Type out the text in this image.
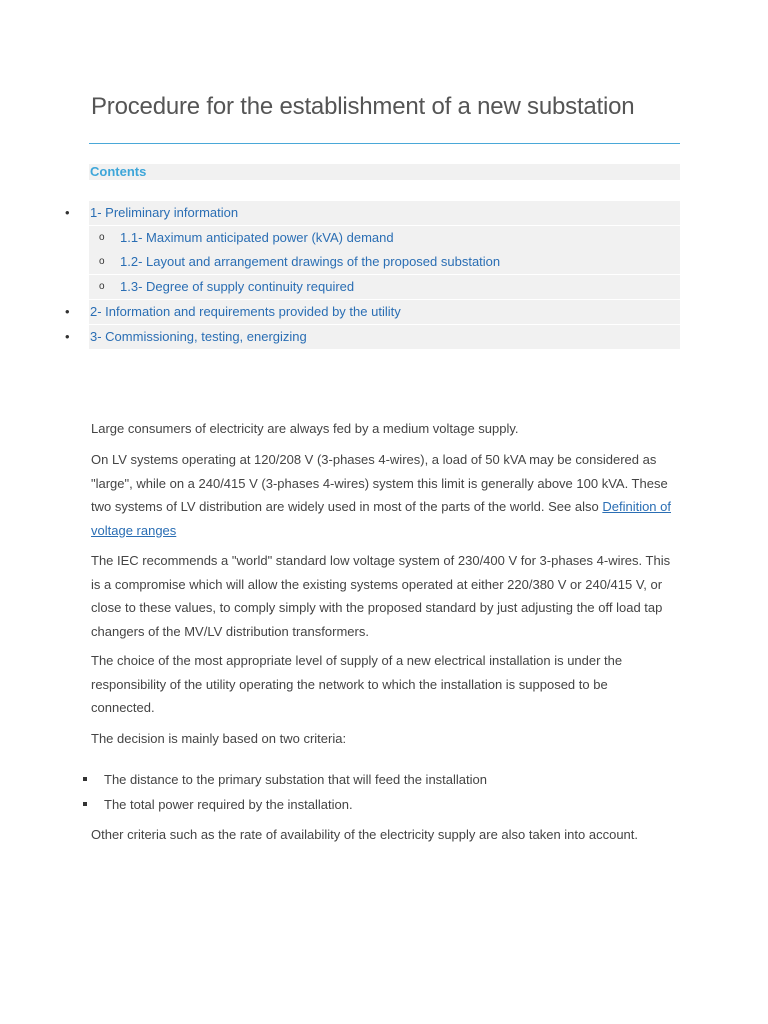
Procedure for the establishment of a new substation
Contents
• 1- Preliminary information
o 1.1- Maximum anticipated power (kVA) demand
o 1.2- Layout and arrangement drawings of the proposed substation
o 1.3- Degree of supply continuity required
• 2- Information and requirements provided by the utility
• 3- Commissioning, testing, energizing

Large consumers of electricity are always fed by a medium voltage supply.

On LV systems operating at 120/208 V (3-phases 4-wires), a load of 50 kVA may be considered as "large", while on a 240/415 V (3-phases 4-wires) system this limit is generally above 100 kVA. These two systems of LV distribution are widely used in most of the parts of the world. See also Definition of voltage ranges

The IEC recommends a "world" standard low voltage system of 230/400 V for 3-phases 4-wires. This is a compromise which will allow the existing systems operated at either 220/380 V or 240/415 V, or close to these values, to comply simply with the proposed standard by just adjusting the off load tap changers of the MV/LV distribution transformers.

The choice of the most appropriate level of supply of a new electrical installation is under the responsibility of the utility operating the network to which the installation is supposed to be connected.

The decision is mainly based on two criteria:

The distance to the primary substation that will feed the installation
The total power required by the installation.

Other criteria such as the rate of availability of the electricity supply are also taken into account.
